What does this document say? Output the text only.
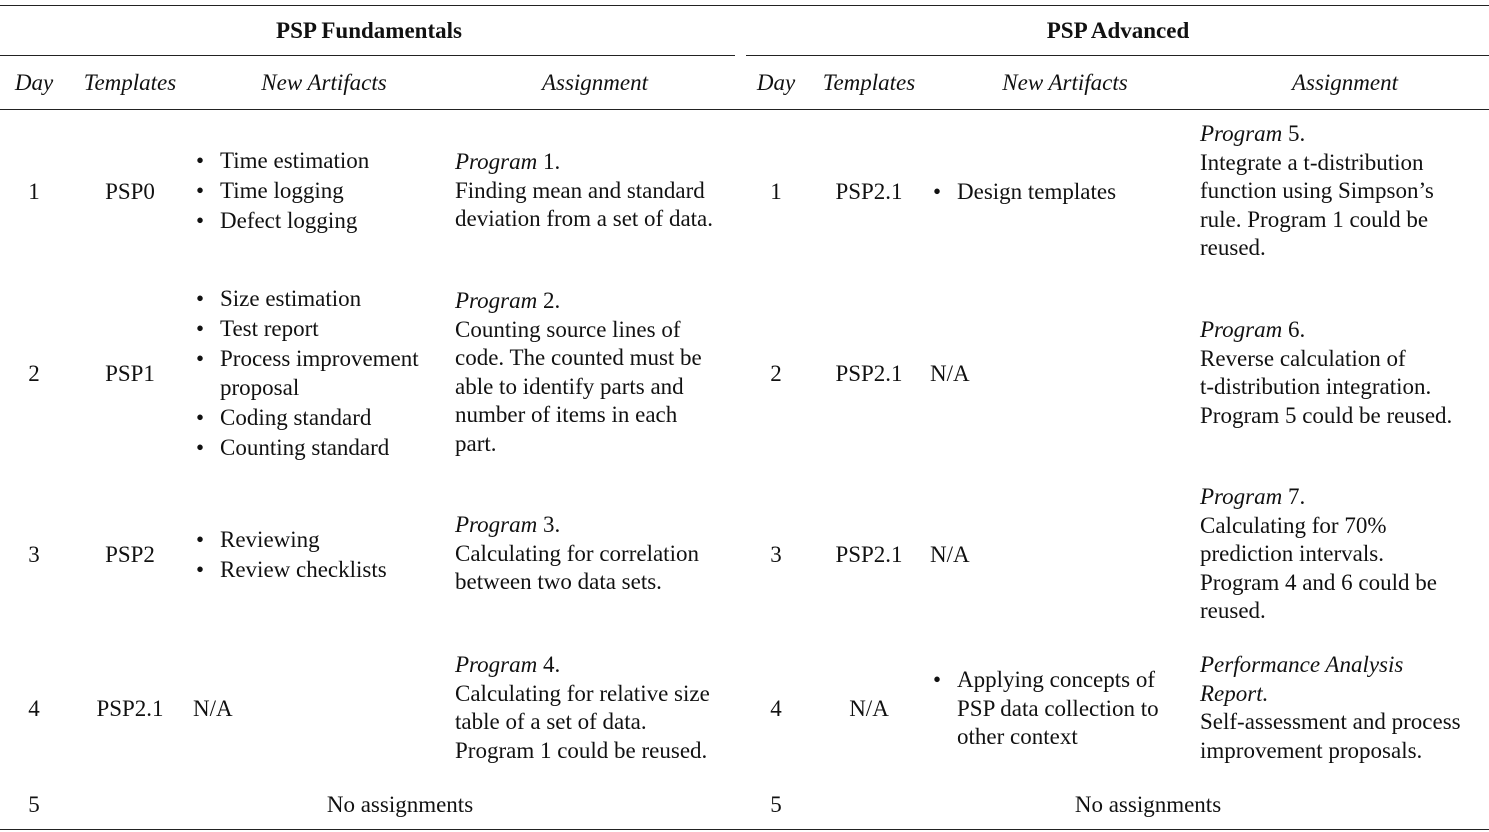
PSP Fundamentals	PSP Advanced
Day Templates	New Artifacts	Assignment	Day Templates	New Artifacts	Assignment
1	PSP0
• Time estimation
• Time logging
• Defect logging
Program 1.
Finding mean and standard
deviation from a set of data.
2	PSP1
• Size estimation
• Test report
• Process improvement
proposal
• Coding standard
• Counting standard
Program 2.
Counting source lines of
code. The counted must be
able to identify parts and
number of items in each
part.
3	PSP2
• Reviewing
• Review checklists
Program 3.
Calculating for correlation
between two data sets.
4 PSP2.1 N/A
Program 4.
Calculating for relative size
table of a set of data.
Program 1 could be reused.
5	No assignments
1 PSP2.1
•	Design templates
Program 5.
Integrate a t-distribution
function using Simpson’s
rule. Program 1 could be
reused.
2 PSP2.1 N/A
Program 6.
Reverse calculation of
t-distribution integration.
Program 5 could be reused.
3 PSP2.1 N/A
Program 7.
Calculating for 70%
prediction intervals.
Program 4 and 6 could be
reused.
4	N/A
• Applying concepts of
PSP data collection to
other context
Performance Analysis
Report.
Self-assessment and process
improvement proposals.
5	No assignments
